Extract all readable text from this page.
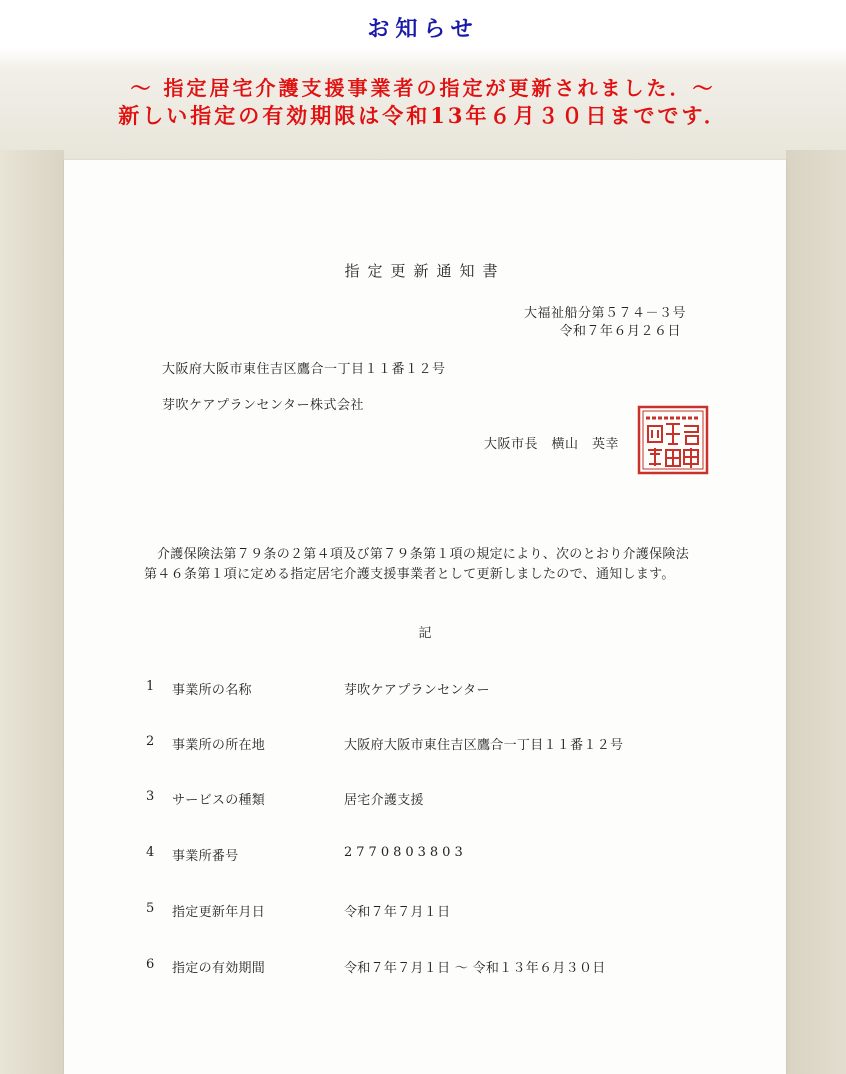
お知らせ
～ 指定居宅介護支援事業者の指定が更新されました．～
新しい指定の有効期限は令和13年６月３０日までです．
指定更新通知書
大福祉船分第５７４－３号
令和７年６月２６日
大阪府大阪市東住吉区鷹合一丁目１１番１２号
芽吹ケアプランセンター株式会社
大阪市長　横山　英幸

介護保険法第７９条の２第４項及び第７９条第１項の規定により、次のとおり介護保険法

第４６条第１項に定める指定居宅介護支援事業者として更新しましたので、通知します。

記
1 事業所の名称	芽吹ケアプランセンター
2 事業所の所在地	大阪府大阪市東住吉区鷹合一丁目１１番１２号
3 サービスの種類	居宅介護支援
4 事業所番号	2770803803
5 指定更新年月日	令和７年７月１日
6 指定の有効期間	令和７年７月１日 ～ 令和１３年６月３０日
